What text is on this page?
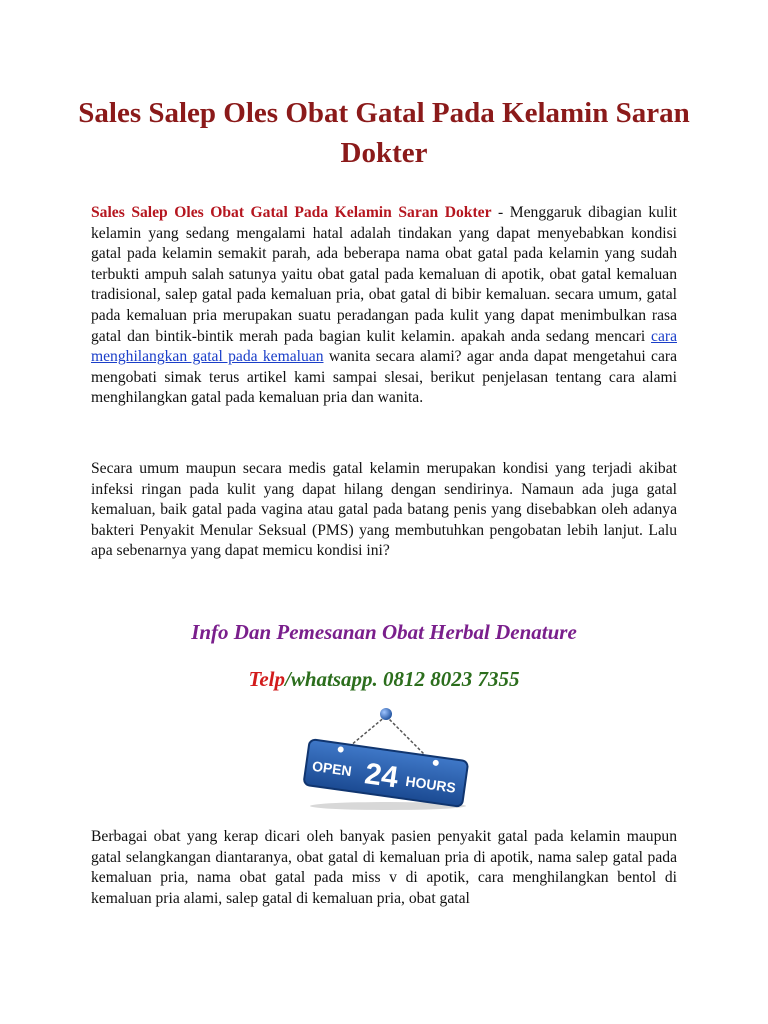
Sales Salep Oles Obat Gatal Pada Kelamin Saran Dokter

Sales Salep Oles Obat Gatal Pada Kelamin Saran Dokter - Menggaruk dibagian kulit kelamin yang sedang mengalami hatal adalah tindakan yang dapat menyebabkan kondisi gatal pada kelamin semakit parah, ada beberapa nama obat gatal pada kelamin yang sudah terbukti ampuh salah satunya yaitu obat gatal pada kemaluan di apotik, obat gatal kemaluan tradisional, salep gatal pada kemaluan pria, obat gatal di bibir kemaluan. secara umum, gatal pada kemaluan pria merupakan suatu peradangan pada kulit yang dapat menimbulkan rasa gatal dan bintik-bintik merah pada bagian kulit kelamin. apakah anda sedang mencari cara menghilangkan gatal pada kemaluan wanita secara alami? agar anda dapat mengetahui cara mengobati simak terus artikel kami sampai slesai, berikut penjelasan tentang cara alami menghilangkan gatal pada kemaluan pria dan wanita.

Secara umum maupun secara medis gatal kelamin merupakan kondisi yang terjadi akibat infeksi ringan pada kulit yang dapat hilang dengan sendirinya. Namaun ada juga gatal kemaluan, baik gatal pada vagina atau gatal pada batang penis yang disebabkan oleh adanya bakteri Penyakit Menular Seksual (PMS) yang membutuhkan pengobatan lebih lanjut. Lalu apa sebenarnya yang dapat memicu kondisi ini?

Info Dan Pemesanan Obat Herbal Denature
Telp/whatsapp. 0812 8023 7355
OPEN 24 HOURS

Berbagai obat yang kerap dicari oleh banyak pasien penyakit gatal pada kelamin maupun gatal selangkangan diantaranya, obat gatal di kemaluan pria di apotik, nama salep gatal pada kemaluan pria, nama obat gatal pada miss v di apotik, cara menghilangkan bentol di kemaluan pria alami, salep gatal di kemaluan pria, obat gatal
